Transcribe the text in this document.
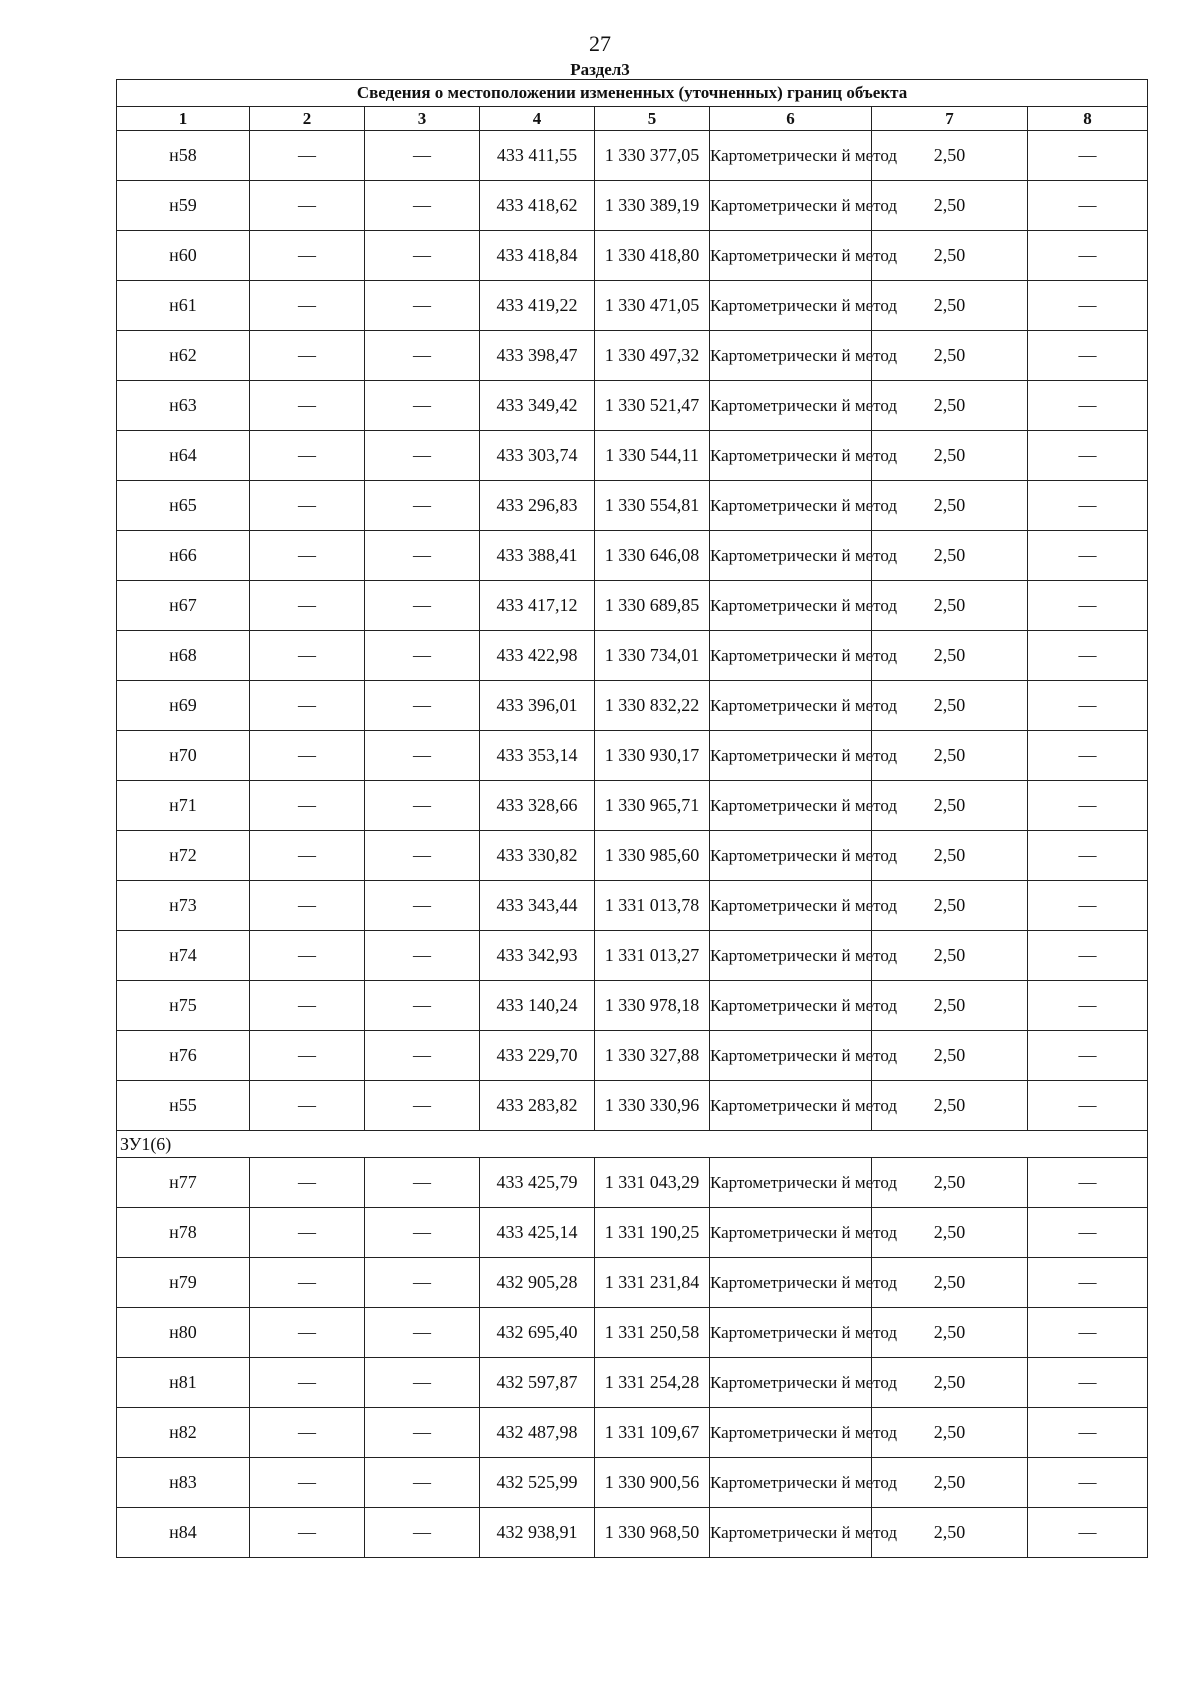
27
Раздел3
Сведения о местоположении измененных (уточненных) границ объекта							
1	2	3	4	5	6	7	8
н58	—	—	433 411,55	1 330 377,05	Картометрически й метод	2,50	—
н59	—	—	433 418,62	1 330 389,19	Картометрически й метод	2,50	—
н60	—	—	433 418,84	1 330 418,80	Картометрически й метод	2,50	—
н61	—	—	433 419,22	1 330 471,05	Картометрически й метод	2,50	—
н62	—	—	433 398,47	1 330 497,32	Картометрически й метод	2,50	—
н63	—	—	433 349,42	1 330 521,47	Картометрически й метод	2,50	—
н64	—	—	433 303,74	1 330 544,11	Картометрически й метод	2,50	—
н65	—	—	433 296,83	1 330 554,81	Картометрически й метод	2,50	—
н66	—	—	433 388,41	1 330 646,08	Картометрически й метод	2,50	—
н67	—	—	433 417,12	1 330 689,85	Картометрически й метод	2,50	—
н68	—	—	433 422,98	1 330 734,01	Картометрически й метод	2,50	—
н69	—	—	433 396,01	1 330 832,22	Картометрически й метод	2,50	—
н70	—	—	433 353,14	1 330 930,17	Картометрически й метод	2,50	—
н71	—	—	433 328,66	1 330 965,71	Картометрически й метод	2,50	—
н72	—	—	433 330,82	1 330 985,60	Картометрически й метод	2,50	—
н73	—	—	433 343,44	1 331 013,78	Картометрически й метод	2,50	—
н74	—	—	433 342,93	1 331 013,27	Картометрически й метод	2,50	—
н75	—	—	433 140,24	1 330 978,18	Картометрически й метод	2,50	—
н76	—	—	433 229,70	1 330 327,88	Картометрически й метод	2,50	—
н55	—	—	433 283,82	1 330 330,96	Картометрически й метод	2,50	—
ЗУ1(6)							
н77	—	—	433 425,79	1 331 043,29	Картометрически й метод	2,50	—
н78	—	—	433 425,14	1 331 190,25	Картометрически й метод	2,50	—
н79	—	—	432 905,28	1 331 231,84	Картометрически й метод	2,50	—
н80	—	—	432 695,40	1 331 250,58	Картометрически й метод	2,50	—
н81	—	—	432 597,87	1 331 254,28	Картометрически й метод	2,50	—
н82	—	—	432 487,98	1 331 109,67	Картометрически й метод	2,50	—
н83	—	—	432 525,99	1 330 900,56	Картометрически й метод	2,50	—
н84	—	—	432 938,91	1 330 968,50	Картометрически й метод	2,50	—
